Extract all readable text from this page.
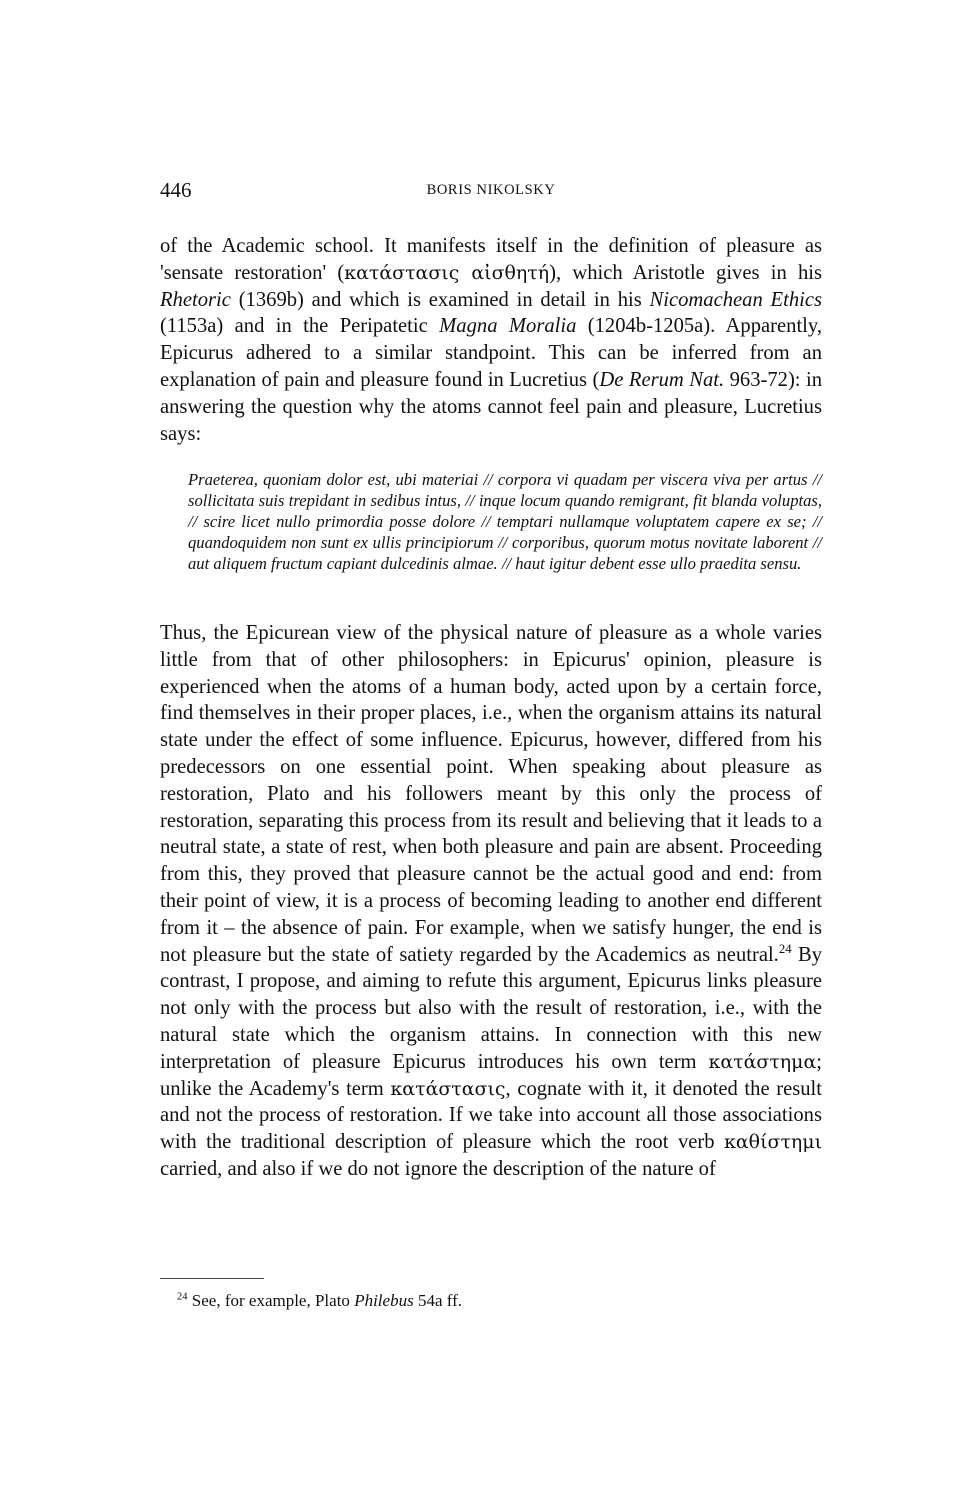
446	BORIS NIKOLSKY

of the Academic school. It manifests itself in the definition of pleasure as 'sensate restoration' (κατάστασις αἰσθητή), which Aristotle gives in his Rhetoric (1369b) and which is examined in detail in his Nicomachean Ethics (1153a) and in the Peripatetic Magna Moralia (1204b-1205a). Apparently, Epicurus adhered to a similar standpoint. This can be inferred from an explanation of pain and pleasure found in Lucretius (De Rerum Nat. 963-72): in answering the question why the atoms cannot feel pain and pleasure, Lucretius says:

Praeterea, quoniam dolor est, ubi materiai // corpora vi quadam per viscera viva per artus // sollicitata suis trepidant in sedibus intus, // inque locum quando remigrant, fit blanda voluptas, // scire licet nullo primordia posse dolore // temptari nullamque voluptatem capere ex se; // quandoquidem non sunt ex ullis principiorum // corporibus, quorum motus novitate laborent // aut aliquem fructum capiant dulcedinis almae. // haut igitur debent esse ullo praedita sensu.

Thus, the Epicurean view of the physical nature of pleasure as a whole varies little from that of other philosophers: in Epicurus' opinion, pleasure is experienced when the atoms of a human body, acted upon by a certain force, find themselves in their proper places, i.e., when the organism attains its natural state under the effect of some influence. Epicurus, however, differed from his predecessors on one essential point. When speaking about pleasure as restoration, Plato and his followers meant by this only the process of restoration, separating this process from its result and believing that it leads to a neutral state, a state of rest, when both pleasure and pain are absent. Proceeding from this, they proved that pleasure cannot be the actual good and end: from their point of view, it is a process of becoming leading to another end different from it – the absence of pain. For example, when we satisfy hunger, the end is not pleasure but the state of satiety regarded by the Academics as neutral.$^{24}$ By contrast, I propose, and aiming to refute this argument, Epicurus links pleasure not only with the process but also with the result of restoration, i.e., with the natural state which the organism attains. In connection with this new interpretation of pleasure Epicurus introduces his own term κατάστημα; unlike the Academy's term κατάστασις, cognate with it, it denoted the result and not the process of restoration. If we take into account all those associations with the traditional description of pleasure which the root verb καθίστημι carried, and also if we do not ignore the description of the nature of

$^{24}$ See, for example, Plato Philebus 54a ff.
